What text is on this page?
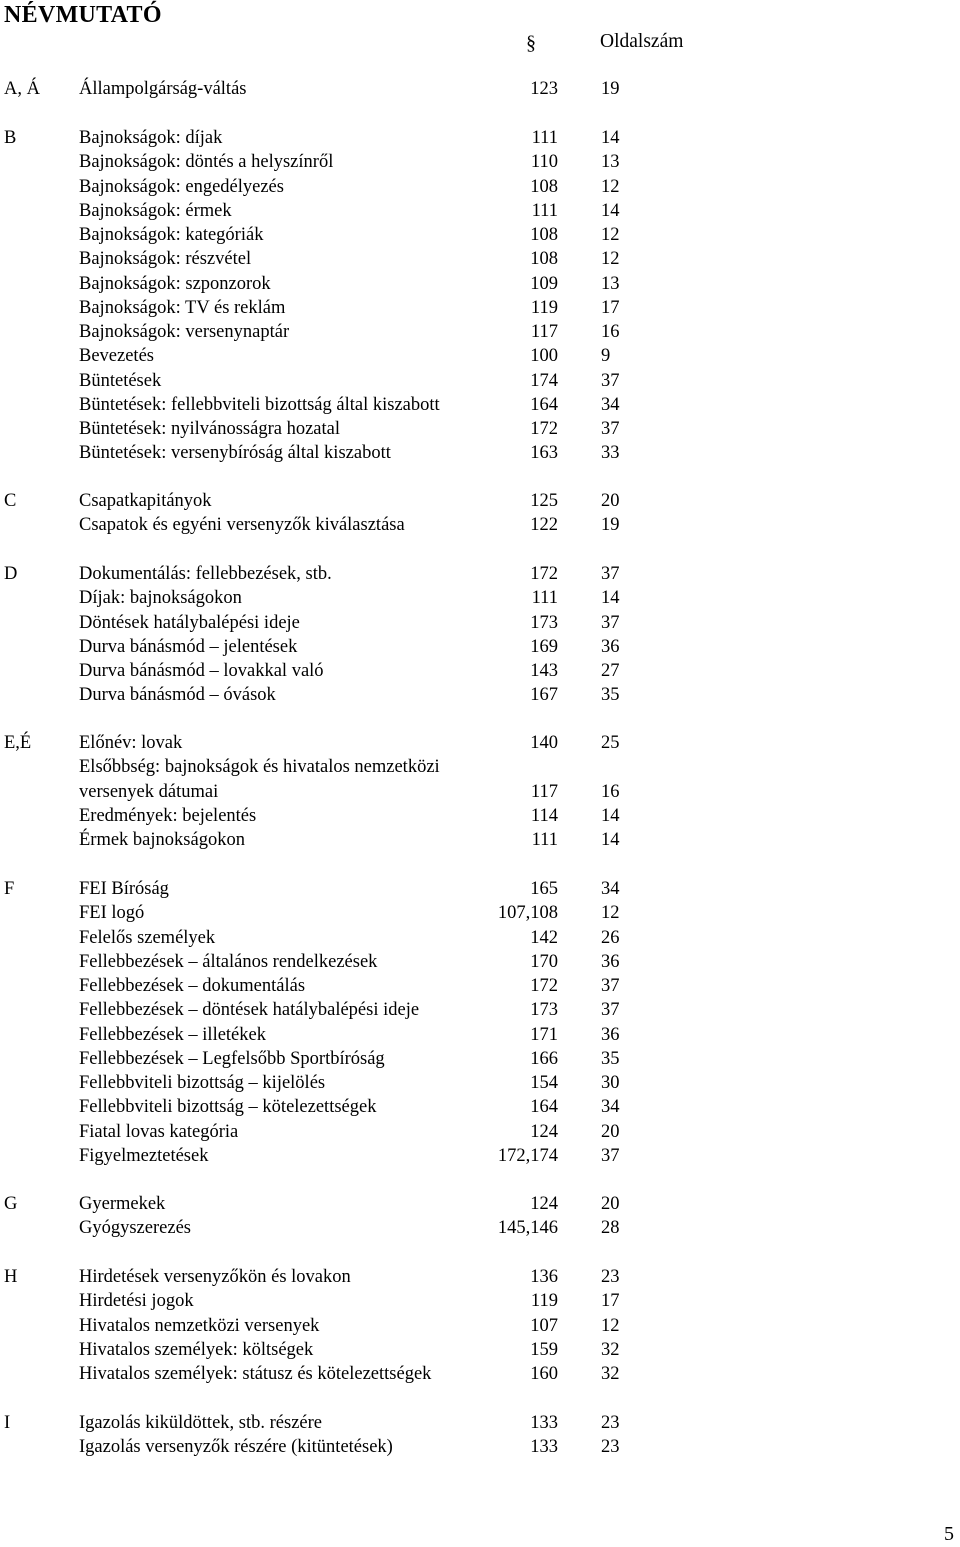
NÉVMUTATÓ
§	Oldalszám
A, Á	Állampolgárság-váltás	123 19
B	Bajnokságok: díjak	111 14
Bajnokságok: döntés a helyszínről	110 13
Bajnokságok: engedélyezés	108 12
Bajnokságok: érmek	111 14
Bajnokságok: kategóriák	108 12
Bajnokságok: részvétel	108 12
Bajnokságok: szponzorok	109 13
Bajnokságok: TV és reklám	119 17
Bajnokságok: versenynaptár	117 16
Bevezetés	100 9
Büntetések	174 37
Büntetések: fellebbviteli bizottság által kiszabott	164 34
Büntetések: nyilvánosságra hozatal	172 37
Büntetések: versenybíróság által kiszabott	163 33
C	Csapatkapitányok	125 20
Csapatok és egyéni versenyzők kiválasztása	122 19
D	Dokumentálás: fellebbezések, stb.	172 37
Díjak: bajnokságokon	111 14
Döntések hatálybalépési ideje	173 37
Durva bánásmód – jelentések	169 36
Durva bánásmód – lovakkal való	143 27
Durva bánásmód – óvások	167 35
E,É	Előnév: lovak	140 25
Elsőbbség: bajnokságok és hivatalos nemzetközi
versenyek dátumai	117 16
Eredmények: bejelentés	114 14
Érmek bajnokságokon	111 14
F	FEI Bíróság	165 34
FEI logó	107,108 12
Felelős személyek	142 26
Fellebbezések – általános rendelkezések	170 36
Fellebbezések – dokumentálás	172 37
Fellebbezések – döntések hatálybalépési ideje	173 37
Fellebbezések – illetékek	171 36
Fellebbezések – Legfelsőbb Sportbíróság	166 35
Fellebbviteli bizottság – kijelölés	154 30
Fellebbviteli bizottság – kötelezettségek	164 34
Fiatal lovas kategória	124 20
Figyelmeztetések	172,174 37
G	Gyermekek	124 20
Gyógyszerezés	145,146 28
H	Hirdetések versenyzőkön és lovakon	136 23
Hirdetési jogok	119 17
Hivatalos nemzetközi versenyek	107 12
Hivatalos személyek: költségek	159 32
Hivatalos személyek: státusz és kötelezettségek	160 32
I	Igazolás kiküldöttek, stb. részére	133 23
Igazolás versenyzők részére (kitüntetések)	133 23
5
